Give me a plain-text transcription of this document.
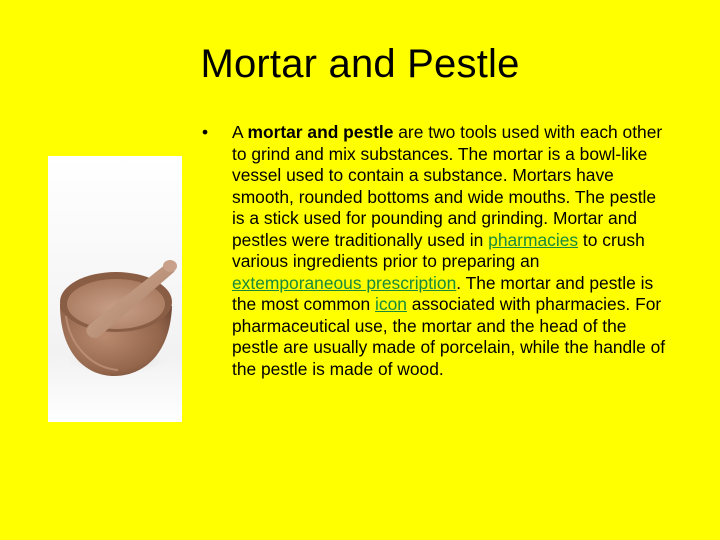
Mortar and Pestle
•	A mortar and pestle are two tools used with each other to grind and mix substances. The mortar is a bowl-like vessel used to contain a substance. Mortars have smooth, rounded bottoms and wide mouths. The pestle is a stick used for pounding and grinding. Mortar and pestles were traditionally used in pharmacies to crush various ingredients prior to preparing an extemporaneous prescription. The mortar and pestle is the most common icon associated with pharmacies. For pharmaceutical use, the mortar and the head of the pestle are usually made of porcelain, while the handle of the pestle is made of wood.
